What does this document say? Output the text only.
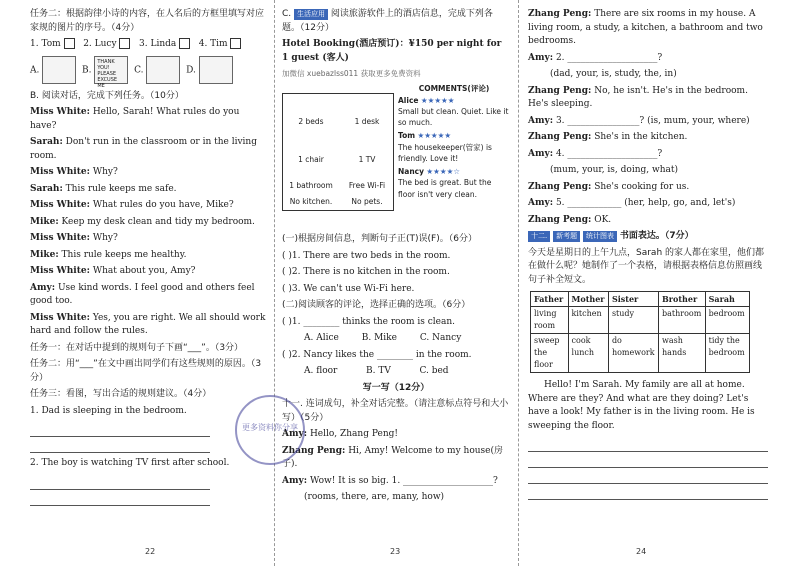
任务二：根据韵律小诗的内容，在人名后的方框里填写对应家规的图片的序号。（4分）
1. Tom 2. Lucy 3. Linda 4. Tim
A.	B. THANK YOU!
PLEASE
EXCUSE ME  C.	D.
B. 阅读对话，完成下列任务。（10分）
Miss White: Hello, Sarah! What rules do you have?
Sarah: Don't run in the classroom or in the living room.
Miss White: Why?
Sarah: This rule keeps me safe.
Miss White: What rules do you have, Mike?
Mike: Keep my desk clean and tidy my bedroom.
Miss White: Why?
Mike: This rule keeps me healthy.
Miss White: What about you, Amy?
Amy: Use kind words. I feel good and others feel good too.
Miss White: Yes, you are right. We all should work hard and follow the rules.
任务一：在对话中提到的规则句子下画“___”。（3分）
任务二：用“___”在文中画出同学们有这些规则的原因。（3分）
任务三：看图，写出合适的规则建议。（4分）
1. Dad is sleeping in the bedroom.
2. The boy is watching TV first after school.
22
C. 生活应用 阅读旅游软件上的酒店信息，完成下列各题。（12分）
Hotel Booking(酒店预订)：¥150 per night for 1 guest (客人)
加微信 xuebazlss011 获取更多免费资料
2 beds	1 desk
1 chair	1 TV
1 bathroom	Free Wi-Fi
No kitchen.	No pets.
COMMENTS(评论)
Alice ★★★★★
Small but clean. Quiet. Like it so much.
Tom ★★★★★
The housekeeper(管家) is friendly. Love it!
Nancy ★★★★☆
The bed is great. But the floor isn't very clean.
(一)根据房间信息，判断句子正(T)误(F)。（6分）
( )1. There are two beds in the room.
( )2. There is no kitchen in the room.
( )3. We can't use Wi-Fi here.
(二)阅读顾客的评论，选择正确的选项。（6分）
( )1. ________ thinks the room is clean.
A. Alice	B. Mike	C. Nancy
( )2. Nancy likes the ________ in the room.
A. floor	B. TV	C. bed
写一写（12分）
十一. 连词成句，补全对话完整。（请注意标点符号和大小写）（5分）
Amy: Hello, Zhang Peng!
Zhang Peng: Hi, Amy! Welcome to my house(房子).
Amy: Wow! It is so big. 1. ____________________?
(rooms, there, are, many, how)
更多资料你分享
23
Zhang Peng: There are six rooms in my house. A living room, a study, a kitchen, a bathroom and two bedrooms.
Amy: 2. ____________________?
(dad, your, is, study, the, in)
Zhang Peng: No, he isn't. He's in the bedroom. He's sleeping.
Amy: 3. ________________? (is, mum, your, where)
Zhang Peng: She's in the kitchen.
Amy: 4. ____________________?
(mum, your, is, doing, what)
Zhang Peng: She's cooking for us.
Amy: 5. ____________ (her, help, go, and, let's)
Zhang Peng: OK.
十二. 新考题 统计图表 书面表达。（7分）
今天是星期日的上午九点，Sarah 的家人都在家里，他们都在做什么呢？她制作了一个表格，请根据表格信息仿照画线句子补全短文。
Father	Mother	Sister	Brother	Sarah
living room	kitchen	study	bathroom	bedroom
sweep the floor	cook lunch	do homework	wash hands	tidy the bedroom
Hello! I'm Sarah. My family are all at home. Where are they? And what are they doing? Let's have a look! My father is in the living room. He is sweeping the floor.
24
